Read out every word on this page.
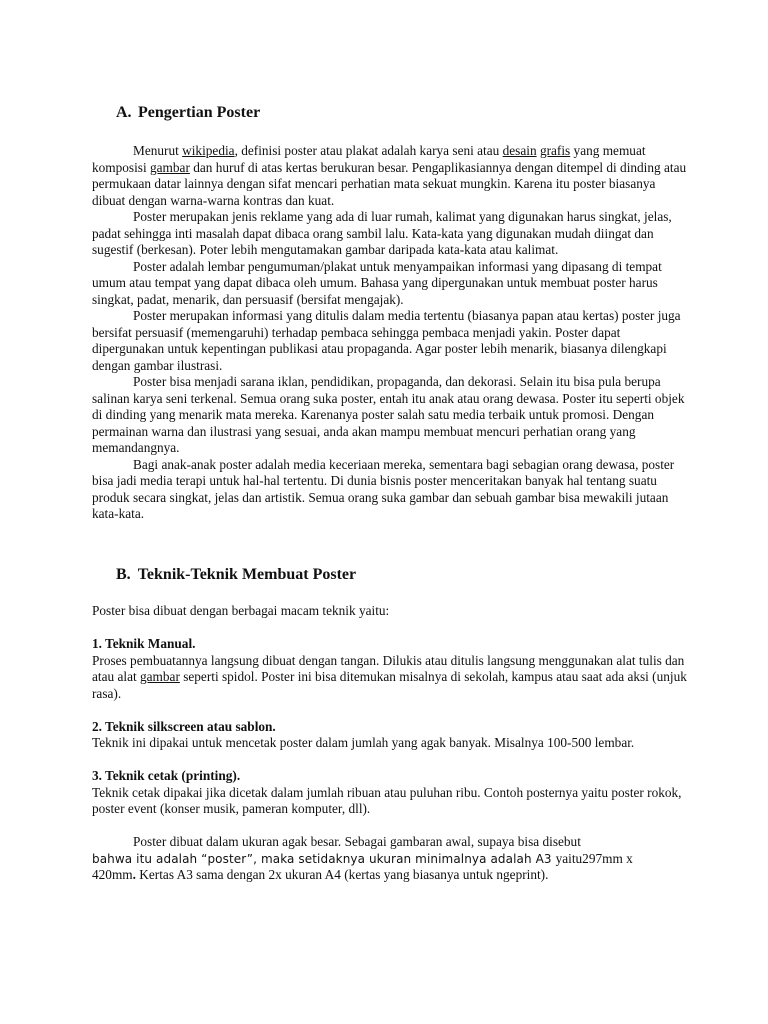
A. Pengertian Poster

Menurut wikipedia, definisi poster atau plakat adalah karya seni atau desain grafis yang memuat komposisi gambar dan huruf di atas kertas berukuran besar. Pengaplikasiannya dengan ditempel di dinding atau permukaan datar lainnya dengan sifat mencari perhatian mata sekuat mungkin. Karena itu poster biasanya dibuat dengan warna-warna kontras dan kuat.

Poster merupakan jenis reklame yang ada di luar rumah, kalimat yang digunakan harus singkat, jelas, padat sehingga inti masalah dapat dibaca orang sambil lalu. Kata-kata yang digunakan mudah diingat dan sugestif (berkesan). Poter lebih mengutamakan gambar daripada kata-kata atau kalimat.

Poster adalah lembar pengumuman/plakat untuk menyampaikan informasi yang dipasang di tempat umum atau tempat yang dapat dibaca oleh umum. Bahasa yang dipergunakan untuk membuat poster harus singkat, padat, menarik, dan persuasif (bersifat mengajak).

Poster merupakan informasi yang ditulis dalam media tertentu (biasanya papan atau kertas) poster juga bersifat persuasif (memengaruhi) terhadap pembaca sehingga pembaca menjadi yakin. Poster dapat dipergunakan untuk kepentingan publikasi atau propaganda. Agar poster lebih menarik, biasanya dilengkapi dengan gambar ilustrasi.

Poster bisa menjadi sarana iklan, pendidikan, propaganda, dan dekorasi. Selain itu bisa pula berupa salinan karya seni terkenal. Semua orang suka poster, entah itu anak atau orang dewasa. Poster itu seperti objek di dinding yang menarik mata mereka. Karenanya poster salah satu media terbaik untuk promosi. Dengan permainan warna dan ilustrasi yang sesuai, anda akan mampu membuat mencuri perhatian orang yang memandangnya.

Bagi anak-anak poster adalah media keceriaan mereka, sementara bagi sebagian orang dewasa, poster bisa jadi media terapi untuk hal-hal tertentu. Di dunia bisnis poster menceritakan banyak hal tentang suatu produk secara singkat, jelas dan artistik. Semua orang suka gambar dan sebuah gambar bisa mewakili jutaan kata-kata.

B. Teknik-Teknik Membuat Poster

Poster bisa dibuat dengan berbagai macam teknik yaitu:

1. Teknik Manual.

Proses pembuatannya langsung dibuat dengan tangan. Dilukis atau ditulis langsung menggunakan alat tulis dan atau alat gambar seperti spidol. Poster ini bisa ditemukan misalnya di sekolah, kampus atau saat ada aksi (unjuk rasa).

2. Teknik silkscreen atau sablon.

Teknik ini dipakai untuk mencetak poster dalam jumlah yang agak banyak. Misalnya 100-500 lembar.

3. Teknik cetak (printing).

Teknik cetak dipakai jika dicetak dalam jumlah ribuan atau puluhan ribu. Contoh posternya yaitu poster rokok, poster event (konser musik, pameran komputer, dll).

Poster dibuat dalam ukuran agak besar. Sebagai gambaran awal, supaya bisa disebut

bahwa itu adalah “poster”, maka setidaknya ukuran minimalnya adalah A3 yaitu297mm x

420mm. Kertas A3 sama dengan 2x ukuran A4 (kertas yang biasanya untuk ngeprint).
